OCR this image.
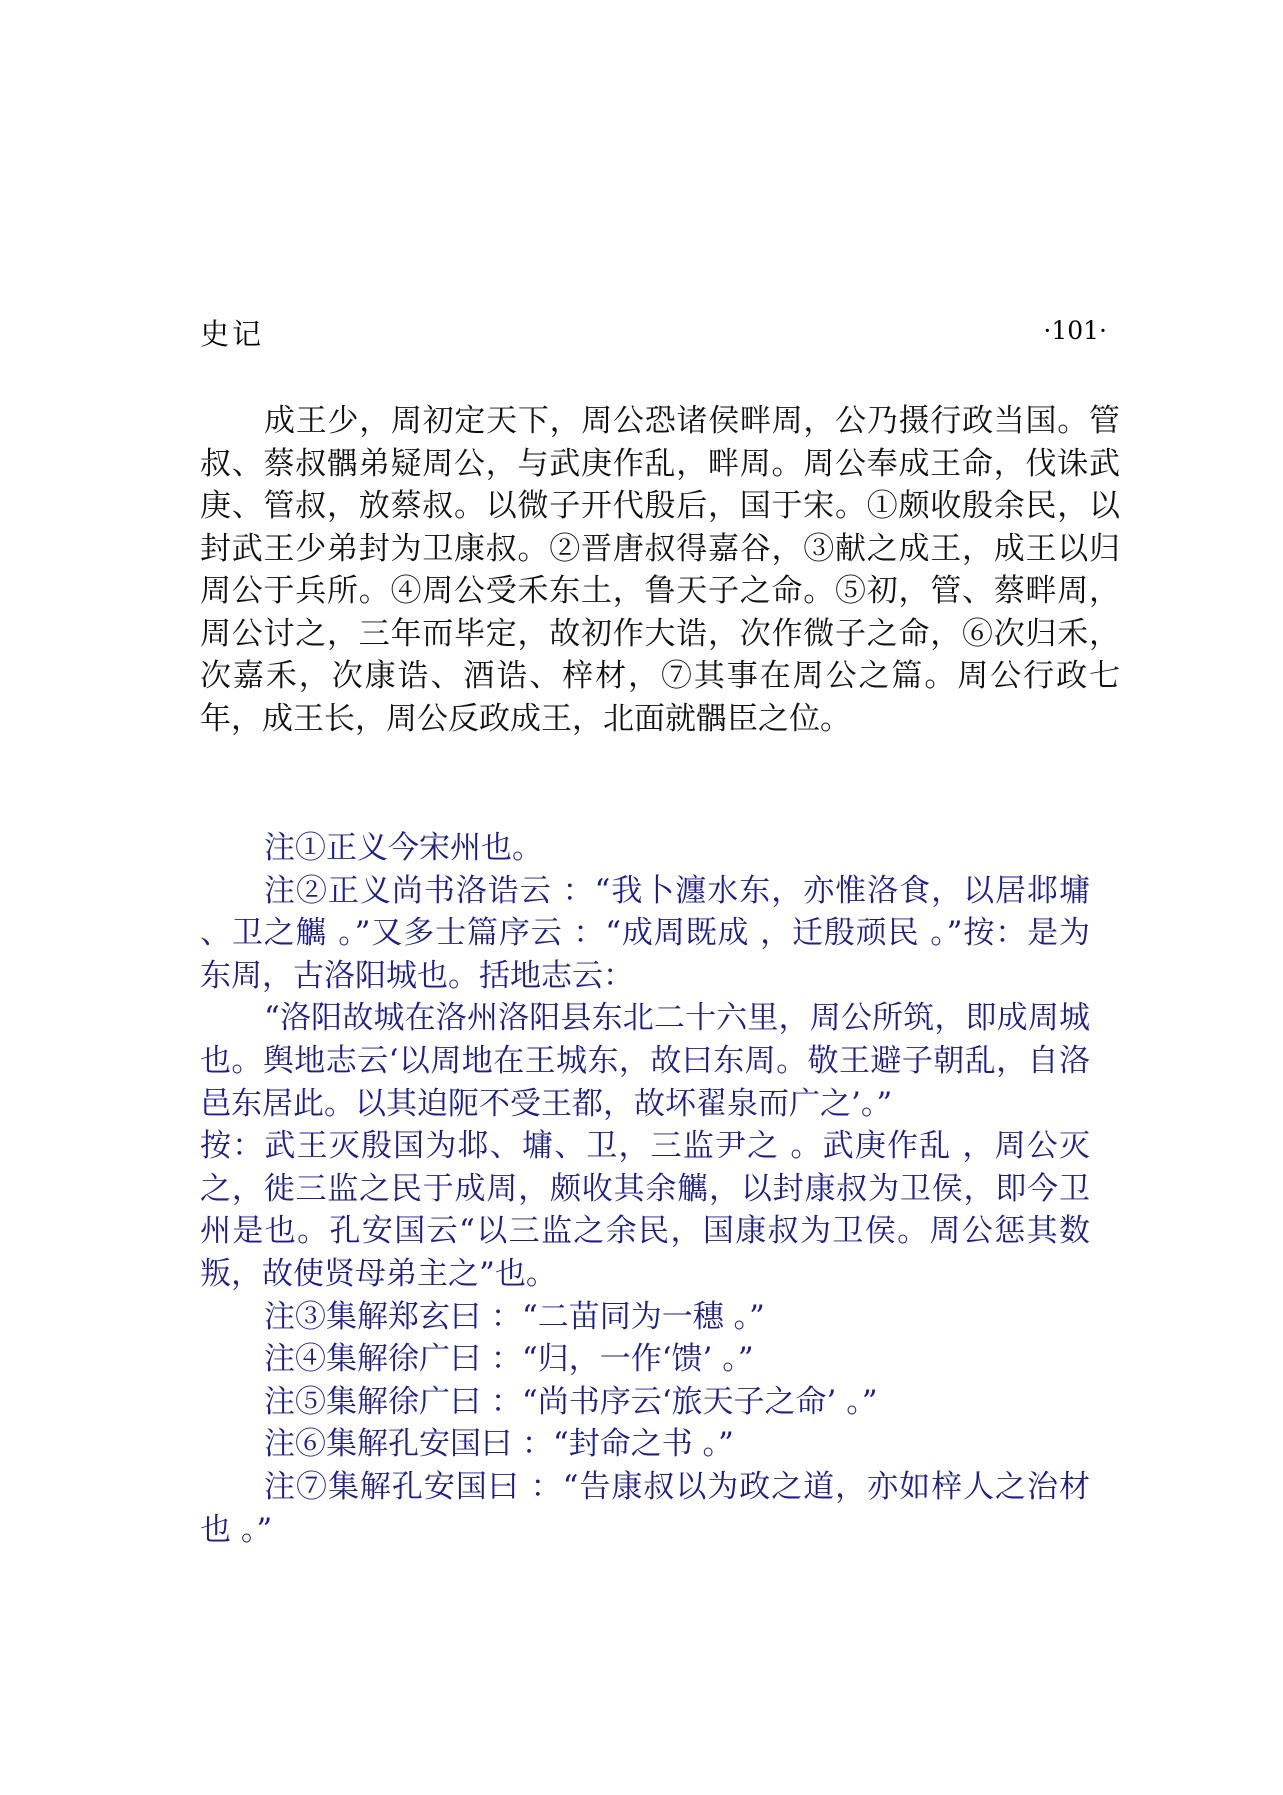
史记	·101·

成王少，周初定天下，周公恐诸侯畔周，公乃摄行政当国。管叔、蔡叔髃弟疑周公，与武庚作乱，畔周。周公奉成王命，伐诛武庚、管叔，放蔡叔。以微子开代殷后，国于宋。①颇收殷余民，以封武王少弟封为卫康叔。②晋唐叔得嘉谷，③献之成王，成王以归周公于兵所。④周公受禾东土，鲁天子之命。⑤初，管、蔡畔周，周公讨之，三年而毕定，故初作大诰，次作微子之命，⑥次归禾，次嘉禾，次康诰、酒诰、梓材，⑦其事在周公之篇。周公行政七年，成王长，周公反政成王，北面就髃臣之位。

注①正义今宋州也。

注②正义尚书洛诰云 ：“我卜瀍水东，亦惟洛食，以居邶墉 、卫之觽 。”又多士篇序云 ：“成周既成 ，迁殷顽民 。”按：是为东周，古洛阳城也。括地志云：

“洛阳故城在洛州洛阳县东北二十六里，周公所筑，即成周城也。舆地志云‘以周地在王城东，故曰东周。敬王避子朝乱，自洛邑东居此。以其迫阨不受王都，故坏翟泉而广之’。”

按：武王灭殷国为邶、墉、卫，三监尹之 。武庚作乱 ，周公灭之，徙三监之民于成周，颇收其余觽，以封康叔为卫侯，即今卫州是也。孔安国云“以三监之余民，国康叔为卫侯。周公惩其数叛，故使贤母弟主之”也。

注③集解郑玄曰 ：“二苗同为一穗 。”

注④集解徐广曰 ：“归，一作‘馈’ 。”

注⑤集解徐广曰 ：“尚书序云‘旅天子之命’ 。”

注⑥集解孔安国曰 ：“封命之书 。”

注⑦集解孔安国曰 ：“告康叔以为政之道，亦如梓人之治材也 。”
